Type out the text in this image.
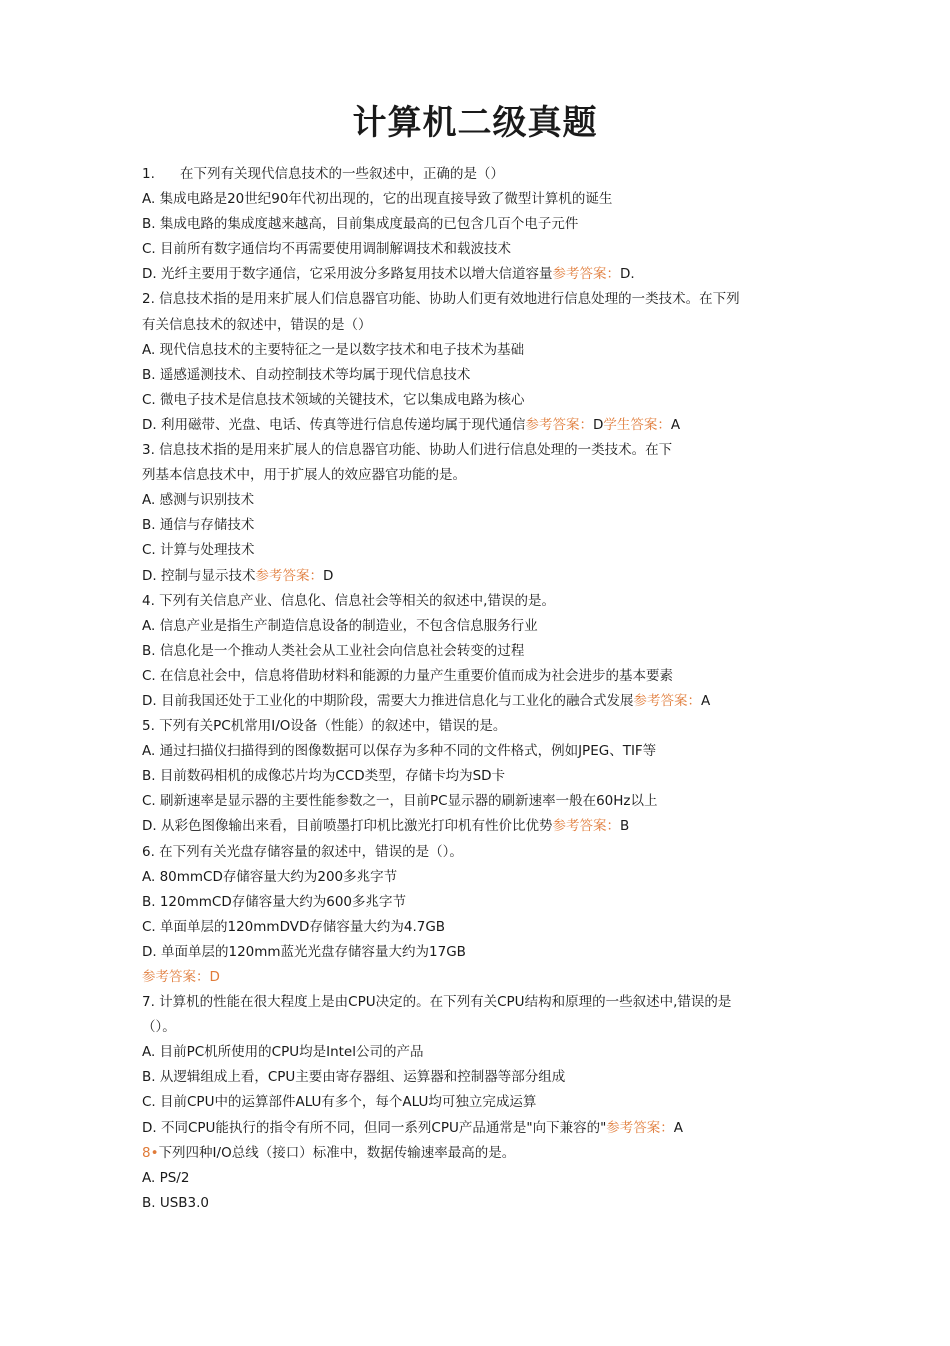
计算机二级真题
1. 在下列有关现代信息技术的一些叙述中，正确的是（）
A. 集成电路是20世纪90年代初出现的，它的出现直接导致了微型计算机的诞生
B. 集成电路的集成度越来越高，目前集成度最高的已包含几百个电子元件
C. 目前所有数字通信均不再需要使用调制解调技术和载波技术
D. 光纤主要用于数字通信，它采用波分多路复用技术以增大信道容量参考答案：D.
2. 信息技术指的是用来扩展人们信息器官功能、协助人们更有效地进行信息处理的一类技术。在下列
有关信息技术的叙述中，错误的是（）
A. 现代信息技术的主要特征之一是以数字技术和电子技术为基础
B. 遥感遥测技术、自动控制技术等均属于现代信息技术
C. 微电子技术是信息技术领域的关键技术，它以集成电路为核心
D. 利用磁带、光盘、电话、传真等进行信息传递均属于现代通信参考答案：D学生答案：A
3. 信息技术指的是用来扩展人的信息器官功能、协助人们进行信息处理的一类技术。在下
列基本信息技术中，用于扩展人的效应器官功能的是。
A. 感测与识别技术
B. 通信与存储技术
C. 计算与处理技术
D. 控制与显示技术参考答案：D
4. 下列有关信息产业、信息化、信息社会等相关的叙述中,错误的是。
A. 信息产业是指生产制造信息设备的制造业，不包含信息服务行业
B. 信息化是一个推动人类社会从工业社会向信息社会转变的过程
C. 在信息社会中，信息将借助材料和能源的力量产生重要价值而成为社会进步的基本要素
D. 目前我国还处于工业化的中期阶段，需要大力推进信息化与工业化的融合式发展参考答案：A
5. 下列有关PC机常用I/O设备（性能）的叙述中，错误的是。
A. 通过扫描仪扫描得到的图像数据可以保存为多种不同的文件格式，例如JPEG、TIF等
B. 目前数码相机的成像芯片均为CCD类型，存储卡均为SD卡
C. 刷新速率是显示器的主要性能参数之一，目前PC显示器的刷新速率一般在60Hz以上
D. 从彩色图像输出来看，目前喷墨打印机比激光打印机有性价比优势参考答案：B
6. 在下列有关光盘存储容量的叙述中，错误的是（）。
A. 80mmCD存储容量大约为200多兆字节
B. 120mmCD存储容量大约为600多兆字节
C. 单面单层的120mmDVD存储容量大约为4.7GB
D. 单面单层的120mm蓝光光盘存储容量大约为17GB
参考答案：D
7. 计算机的性能在很大程度上是由CPU决定的。在下列有关CPU结构和原理的一些叙述中,错误的是
（）。
A. 目前PC机所使用的CPU均是Intel公司的产品
B. 从逻辑组成上看，CPU主要由寄存器组、运算器和控制器等部分组成
C. 目前CPU中的运算部件ALU有多个，每个ALU均可独立完成运算
D. 不同CPU能执行的指令有所不同，但同一系列CPU产品通常是"向下兼容的"参考答案：A
8•下列四种I/O总线（接口）标准中，数据传输速率最高的是。
A. PS/2
B. USB3.0
